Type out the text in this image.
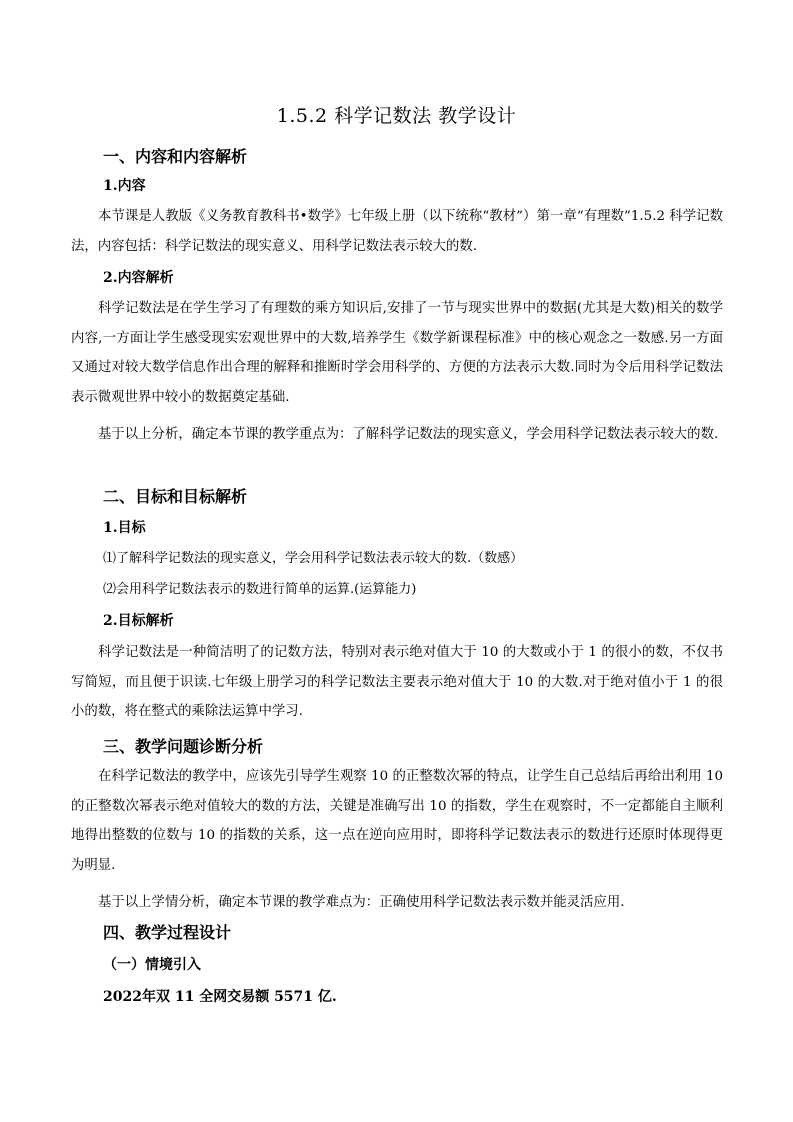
1.5.2 科学记数法 教学设计
一、内容和内容解析
1.内容

本节课是人教版《义务教育教科书•数学》七年级上册（以下统称“教材”）第一章“有理数”1.5.2 科学记数法，内容包括：科学记数法的现实意义、用科学记数法表示较大的数.

2.内容解析

科学记数法是在学生学习了有理数的乘方知识后,安排了一节与现实世界中的数据(尤其是大数)相关的数学内容,一方面让学生感受现实宏观世界中的大数,培养学生《数学新课程标准》中的核心观念之一数感.另一方面又通过对较大数学信息作出合理的解释和推断时学会用科学的、方便的方法表示大数.同时为令后用科学记数法表示微观世界中较小的数据奠定基础.

基于以上分析，确定本节课的教学重点为：了解科学记数法的现实意义，学会用科学记数法表示较大的数.

二、目标和目标解析
1.目标
⑴了解科学记数法的现实意义，学会用科学记数法表示较大的数.（数感）
⑵会用科学记数法表示的数进行简单的运算.(运算能力)
2.目标解析

科学记数法是一种简洁明了的记数方法，特别对表示绝对值大于 10 的大数或小于 1 的很小的数，不仅书写简短，而且便于识读.七年级上册学习的科学记数法主要表示绝对值大于 10 的大数.对于绝对值小于 1 的很小的数，将在整式的乘除法运算中学习.

三、教学问题诊断分析

在科学记数法的教学中，应该先引导学生观察 10 的正整数次幂的特点，让学生自己总结后再给出利用 10 的正整数次幂表示绝对值较大的数的方法，关键是准确写出 10 的指数，学生在观察时，不一定都能自主顺利地得出整数的位数与 10 的指数的关系，这一点在逆向应用时，即将科学记数法表示的数进行还原时体现得更为明显.

基于以上学情分析，确定本节课的教学难点为：正确使用科学记数法表示数并能灵活应用.

四、教学过程设计
（一）情境引入
2022年双 11 全网交易额 5571 亿.
